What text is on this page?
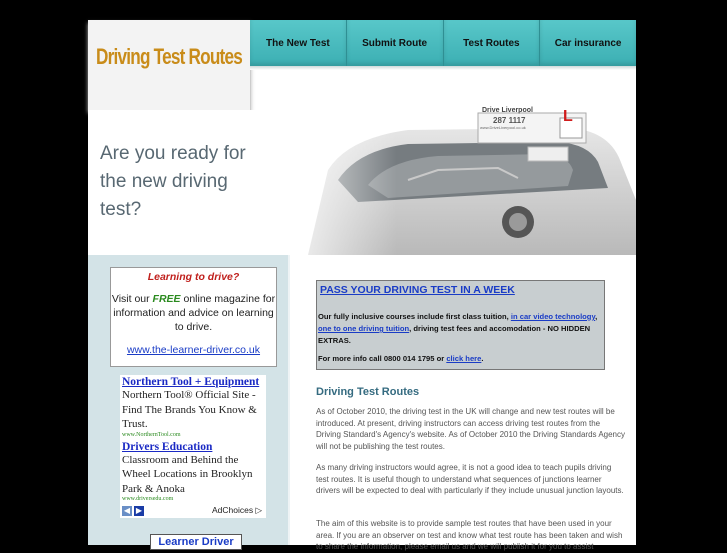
Driving Test Routes
The New Test	Submit Route	Test Routes	Car insurance
Are you ready for the new driving test?
Drive Liverpool
287 1117
www.DriveLiverpool.co.uk
L
Learning to drive?
Visit our FREE online magazine for information and advice on learning to drive.
www.the-learner-driver.co.uk
Northern Tool + Equipment
Northern Tool® Official Site - Find The Brands You Know & Trust.
www.NorthernTool.com
Drivers Education
Classroom and Behind the Wheel Locations in Brooklyn Park & Anoka
www.driversedu.com
◀ ▶	AdChoices ▷
Learner Driver
PASS YOUR DRIVING TEST IN A WEEK
Our fully inclusive courses include first class tuition, in car video technology, one to one driving tuition, driving test fees and accomodation - NO HIDDEN EXTRAS.
For more info call 0800 014 1795 or click here.
Driving Test Routes
As of October 2010, the driving test in the UK will change and new test routes will be introduced. At present, driving instructors can access driving test routes from the Driving Standard's Agency's website. As of October 2010 the Driving Standards Agency will not be publishing the test routes.
As many driving instructors would agree, it is not a good idea to teach pupils driving test routes. It is useful though to understand what sequences of junctions learner drivers will be expected to deal with particularly if they include unusual junction layouts.
The aim of this website is to provide sample test routes that have been used in your area. If you are an observer on test and know what test route has been taken and wish to share the information, please email us and we will publish it for you to assist
